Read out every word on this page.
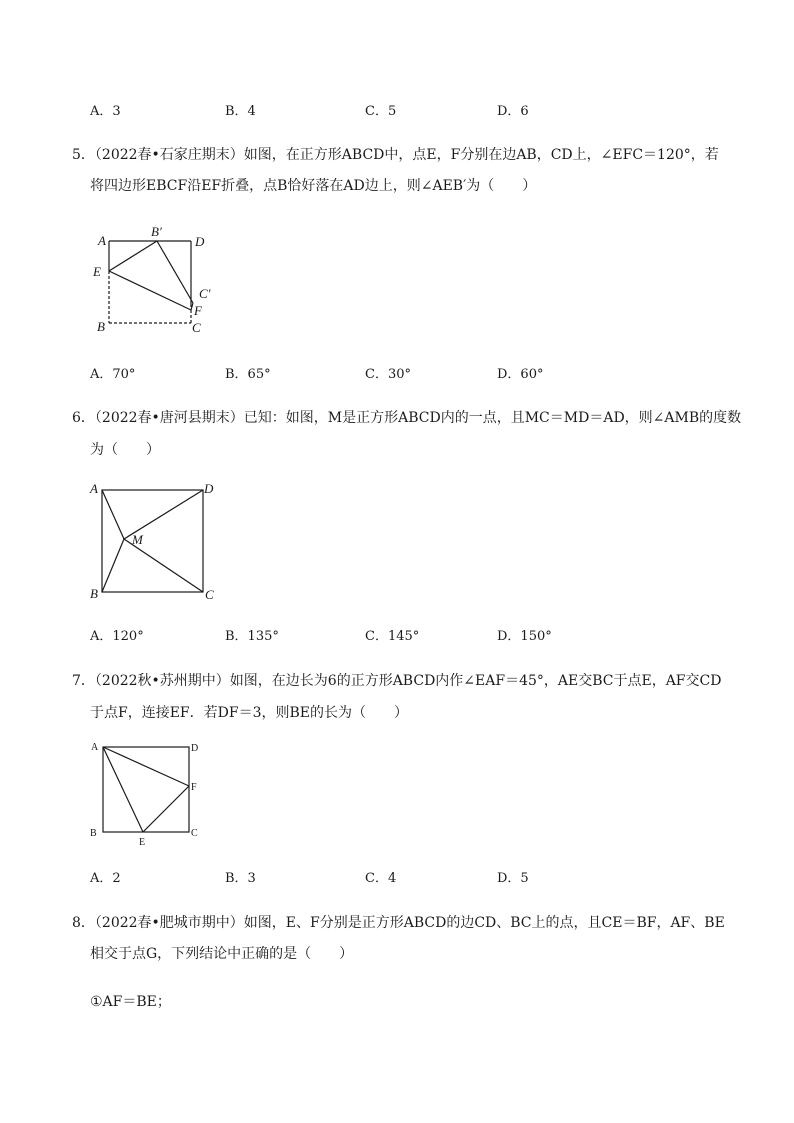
A．3	B．4	C．5	D．6
5．（2022春•石家庄期末）如图，在正方形ABCD中，点E，F分别在边AB，CD上，∠EFC＝120°，若
将四边形EBCF沿EF折叠，点B恰好落在AD边上，则∠AEB′为（　　）
A
B′
D
E
C′
F
B	C
A．70°	B．65°	C．30°	D．60°
6．（2022春•唐河县期末）已知：如图，M是正方形ABCD内的一点，且MC＝MD＝AD，则∠AMB的度数
为（　　）
A	D
M
B	C
A．120°	B．135°	C．145°	D．150°
7．（2022秋•苏州期中）如图，在边长为6的正方形ABCD内作∠EAF＝45°，AE交BC于点E，AF交CD
于点F，连接EF．若DF＝3，则BE的长为（　　）
A	D
F
B
E
C
A．2	B．3	C．4	D．5
8．（2022春•肥城市期中）如图，E、F分别是正方形ABCD的边CD、BC上的点，且CE＝BF，AF、BE
相交于点G，下列结论中正确的是（　　）
①AF＝BE；
